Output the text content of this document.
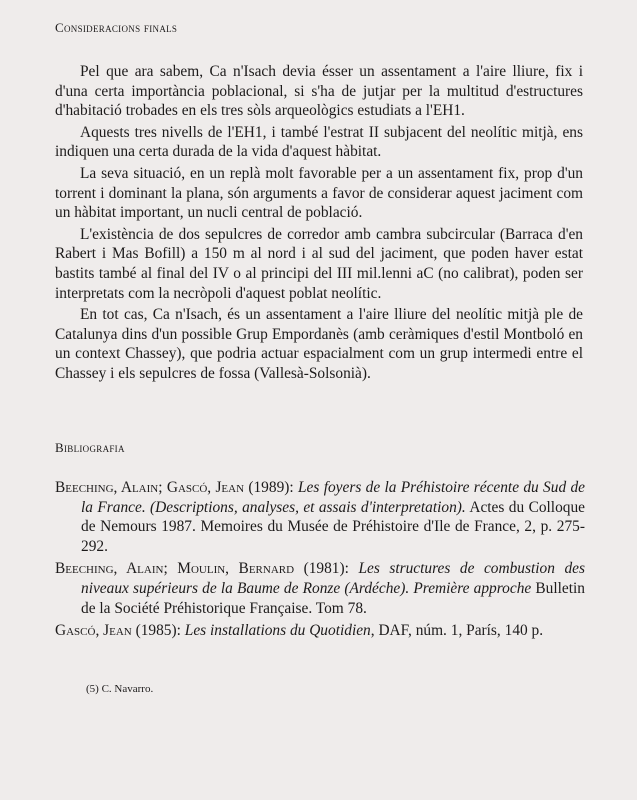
Consideracions finals

Pel que ara sabem, Ca n'Isach devia ésser un assentament a l'aire lliure, fix i d'una certa importància poblacional, si s'ha de jutjar per la multitud d'estructures d'habitació trobades en els tres sòls arqueològics estudiats a l'EH1.

Aquests tres nivells de l'EH1, i també l'estrat II subjacent del neolític mitjà, ens indiquen una certa durada de la vida d'aquest hàbitat.

La seva situació, en un replà molt favorable per a un assentament fix, prop d'un torrent i dominant la plana, són arguments a favor de considerar aquest jaciment com un hàbitat important, un nucli central de població.

L'existència de dos sepulcres de corredor amb cambra subcircular (Barraca d'en Rabert i Mas Bofill) a 150 m al nord i al sud del jaciment, que poden haver estat bastits també al final del IV o al principi del III mil.lenni aC (no calibrat), poden ser interpretats com la necròpoli d'aquest poblat neolític.

En tot cas, Ca n'Isach, és un assentament a l'aire lliure del neolític mitjà ple de Catalunya dins d'un possible Grup Empordanès (amb ceràmiques d'estil Montboló en un context Chassey), que podria actuar espacialment com un grup intermedi entre el Chassey i els sepulcres de fossa (Vallesà-Solsonià).

Bibliografia

Beeching, Alain; Gascó, Jean (1989): Les foyers de la Préhistoire récente du Sud de la France. (Descriptions, analyses, et assais d'interpretation). Actes du Colloque de Nemours 1987. Memoires du Musée de Préhistoire d'Ile de France, 2, p. 275-292.

Beeching, Alain; Moulin, Bernard (1981): Les structures de combustion des niveaux supérieurs de la Baume de Ronze (Ardéche). Première approche Bulletin de la Société Préhistorique Française. Tom 78.

Gascó, Jean (1985): Les installations du Quotidien, DAF, núm. 1, París, 140 p.

(5) C. Navarro.
